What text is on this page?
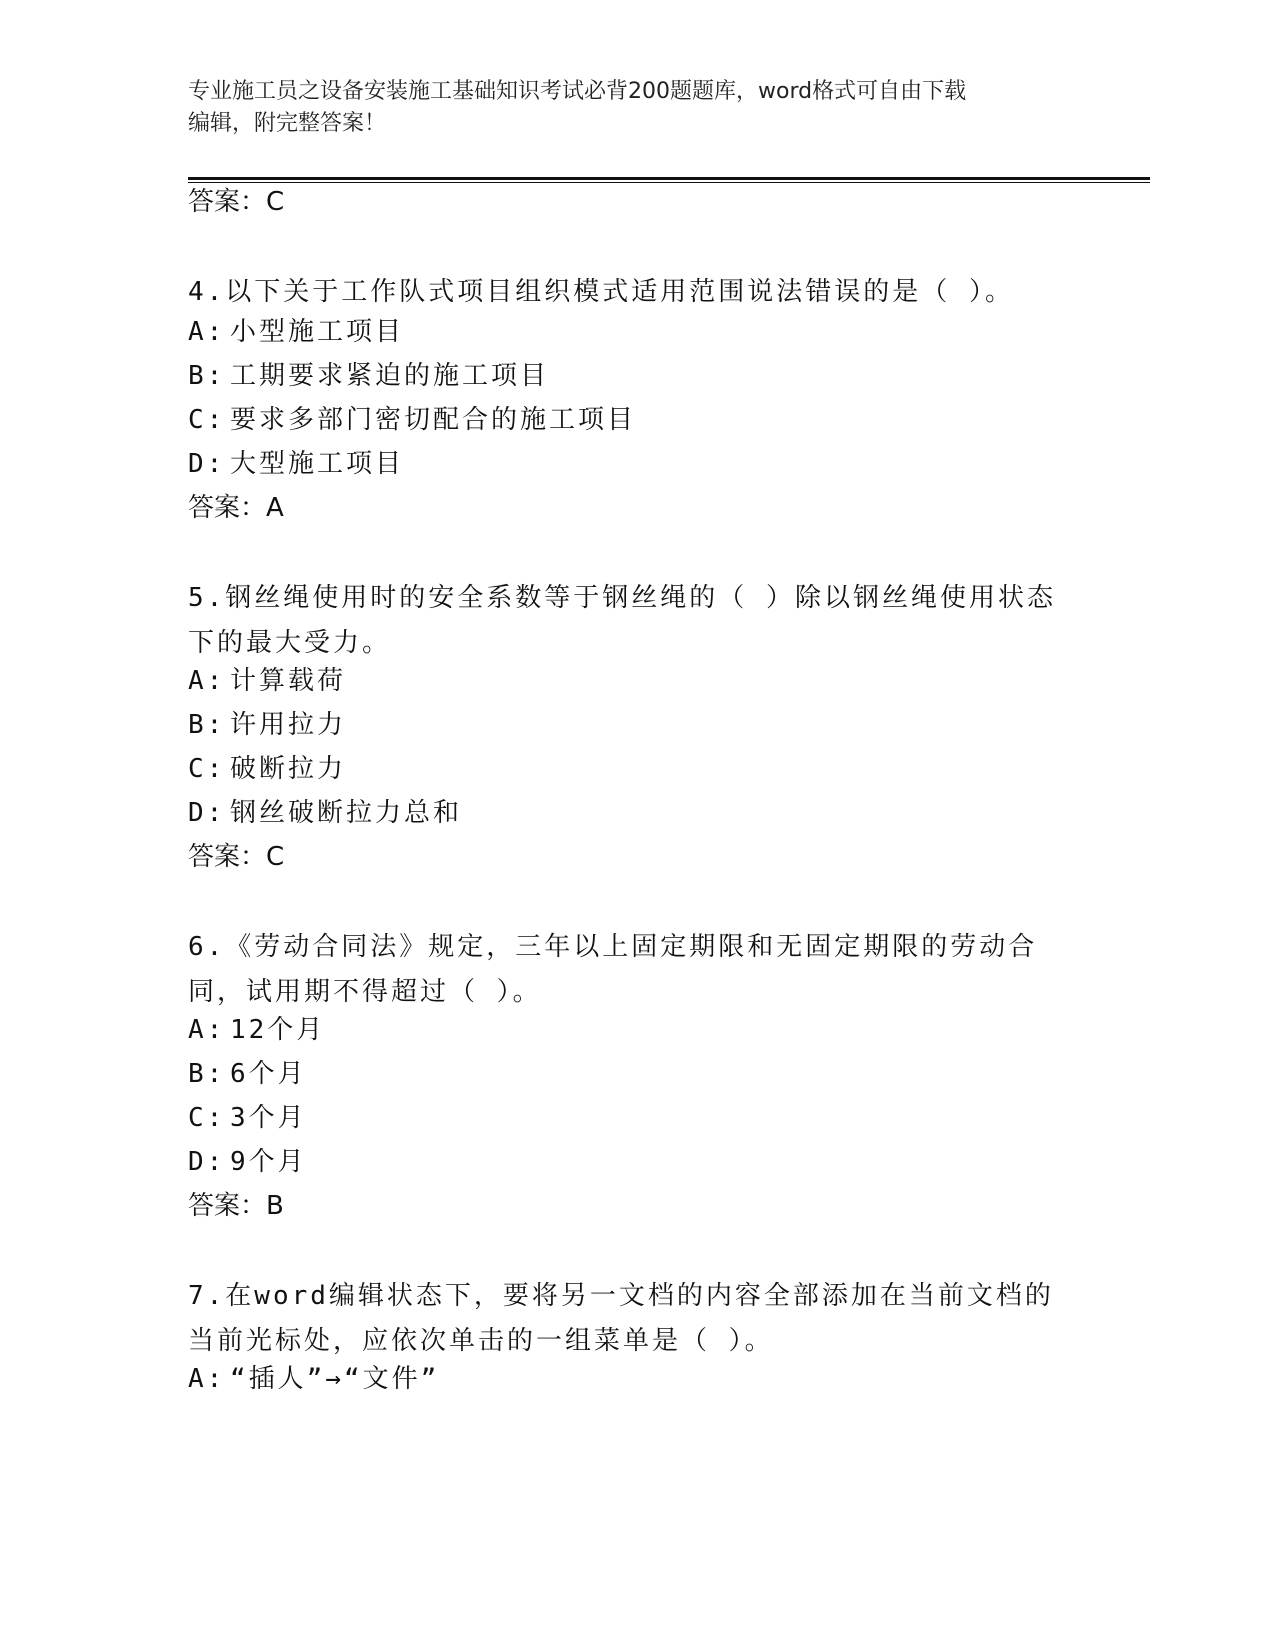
专业施工员之设备安装施工基础知识考试必背200题题库，word格式可自由下载
编辑，附完整答案！
答案：C
4.以下关于工作队式项目组织模式适用范围说法错误的是（ ）。
A: 小型施工项目
B: 工期要求紧迫的施工项目
C: 要求多部门密切配合的施工项目
D: 大型施工项目
答案：A
5.钢丝绳使用时的安全系数等于钢丝绳的（ ）除以钢丝绳使用状态下的最大受力。
A: 计算载荷
B: 许用拉力
C: 破断拉力
D: 钢丝破断拉力总和
答案：C
6.《劳动合同法》规定，三年以上固定期限和无固定期限的劳动合同，试用期不得超过（ ）。
A: 12个月
B: 6个月
C: 3个月
D: 9个月
答案：B
7.在word编辑状态下，要将另一文档的内容全部添加在当前文档的当前光标处，应依次单击的一组菜单是（ ）。
A: “插人”→“文件”
